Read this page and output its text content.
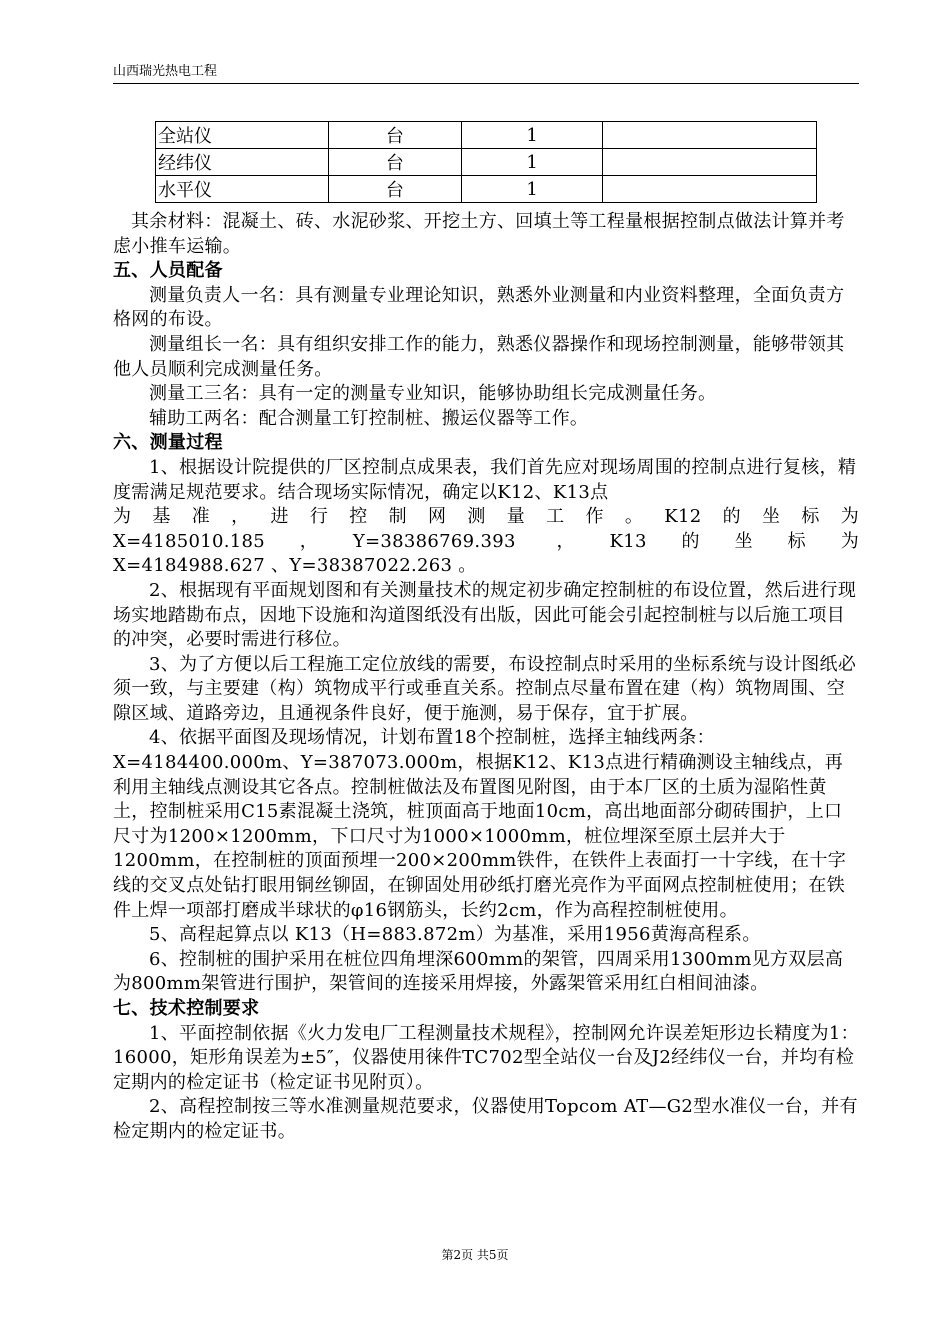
山西瑞光热电工程
全站仪	台	1	
经纬仪	台	1	
水平仪	台	1	

其余材料：混凝土、砖、水泥砂浆、开挖土方、回填土等工程量根据控制点做法计算并考虑小推车运输。

五、人员配备

测量负责人一名：具有测量专业理论知识，熟悉外业测量和内业资料整理，全面负责方格网的布设。

测量组长一名：具有组织安排工作的能力，熟悉仪器操作和现场控制测量，能够带领其他人员顺利完成测量任务。

测量工三名：具有一定的测量专业知识，能够协助组长完成测量任务。

辅助工两名：配合测量工钉控制桩、搬运仪器等工作。

六、测量过程

1、根据设计院提供的厂区控制点成果表，我们首先应对现场周围的控制点进行复核，精度需满足规范要求。结合现场实际情况，确定以K12、K13点

为基准，进行控制网测量工作。K12的坐标为

X=4185010.185，Y=38386769.393 ，K13的坐标为

X=4184988.627 、Y=38387022.263 。

2、根据现有平面规划图和有关测量技术的规定初步确定控制桩的布设位置，然后进行现场实地踏勘布点，因地下设施和沟道图纸没有出版，因此可能会引起控制桩与以后施工项目的冲突，必要时需进行移位。

3、为了方便以后工程施工定位放线的需要，布设控制点时采用的坐标系统与设计图纸必须一致，与主要建（构）筑物成平行或垂直关系。控制点尽量布置在建（构）筑物周围、空隙区域、道路旁边，且通视条件良好，便于施测，易于保存，宜于扩展。

4、依据平面图及现场情况，计划布置18个控制桩，选择主轴线两条：X=4184400.000m、Y=387073.000m，根据K12、K13点进行精确测设主轴线点，再利用主轴线点测设其它各点。控制桩做法及布置图见附图，由于本厂区的土质为湿陷性黄土，控制桩采用C15素混凝土浇筑，桩顶面高于地面10cm，高出地面部分砌砖围护，上口尺寸为1200×1200mm，下口尺寸为1000×1000mm，桩位埋深至原土层并大于1200mm，在控制桩的顶面预埋一200×200mm铁件，在铁件上表面打一十字线，在十字线的交叉点处钻打眼用铜丝铆固，在铆固处用砂纸打磨光亮作为平面网点控制桩使用；在铁件上焊一项部打磨成半球状的φ16钢筋头，长约2cm，作为高程控制桩使用。

5、高程起算点以 K13（H=883.872m）为基准，采用1956黄海高程系。

6、控制桩的围护采用在桩位四角埋深600mm的架管，四周采用1300mm见方双层高为800mm架管进行围护，架管间的连接采用焊接，外露架管采用红白相间油漆。

七、技术控制要求

1、平面控制依据《火力发电厂工程测量技术规程》，控制网允许误差矩形边长精度为1：16000，矩形角误差为±5″，仪器使用徕件TC702型全站仪一台及J2经纬仪一台，并均有检定期内的检定证书（检定证书见附页）。

2、高程控制按三等水准测量规范要求，仪器使用Topcom AT—G2型水准仪一台，并有检定期内的检定证书。

第2页 共5页
